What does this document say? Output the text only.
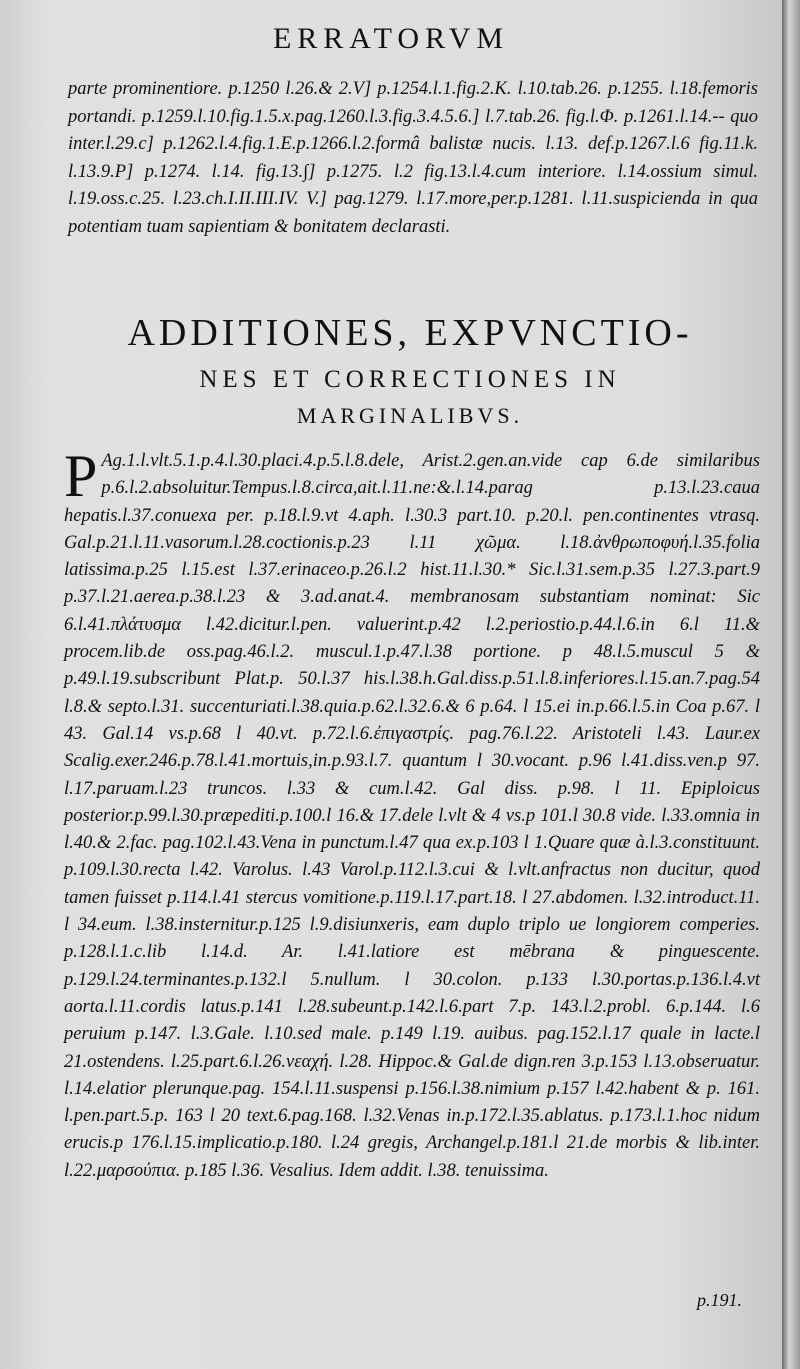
ERRATORVM
parte prominentiore. p.1250 l.26.& 2.V] p.1254.l.1.fig.2.K. l.10.tab.26. p.1255. l.18.femoris portandi. p.1259.l.10.fig.1.5.x.pag.1260.l.3.fig.3.4.5.6.] l.7.tab.26. fig.l.Φ. p.1261.l.14.-- quo inter.l.29.c] p.1262.l.4.fig.1.E.p.1266.l.2.formâ balistæ nucis. l.13. def.p.1267.l.6 fig.11.k. l.13.9.P] p.1274. l.14. fig.13.∫] p.1275. l.2 fig.13.l.4.cum interiore. l.14.ossium simul. l.19.oss.c.25. l.23.ch.I.II.III.IV. V.] pag.1279. l.17.more,per.p.1281. l.11.suspicienda in qua potentiam tuam sapientiam & bonitatem declarasti.
ADDITIONES, EXPVNCTIO-
NES ET CORRECTIONES IN
MARGINALIBVS.
P Ag.1.l.vlt.5.1.p.4.l.30.placi.4.p.5.l.8.dele, Arist.2.gen.an.vide cap 6.de similaribus p.6.l.2.absoluitur.Tempus.l.8.circa,ait.l.11.ne:&.l.14.parag p.13.l.23.caua hepatis.l.37.conuexa per. p.18.l.9.vt 4.aph. l.30.3 part.10. p.20.l. pen.continentes vtrasq. Gal.p.21.l.11.vasorum.l.28.coctionis.p.23 l.11 χῶμα. l.18.ἀνθρωποφυή.l.35.folia latissima.p.25 l.15.est l.37.erinaceo.p.26.l.2 hist.11.l.30.* Sic.l.31.sem.p.35 l.27.3.part.9 p.37.l.21.aerea.p.38.l.23 & 3.ad.anat.4. membranosam substantiam nominat: Sic 6.l.41.πλάτυσμα l.42.dicitur.l.pen. valuerint.p.42 l.2.periostio.p.44.l.6.in 6.l 11.& procem.lib.de oss.pag.46.l.2. muscul.1.p.47.l.38 portione. p 48.l.5.muscul 5 & p.49.l.19.subscribunt Plat.p. 50.l.37 his.l.38.h.Gal.diss.p.51.l.8.inferiores.l.15.an.7.pag.54 l.8.& septo.l.31. succenturiati.l.38.quia.p.62.l.32.6.& 6 p.64. l 15.ei in.p.66.l.5.in Coa p.67. l 43. Gal.14 vs.p.68 l 40.vt. p.72.l.6.ἐπιγαστρίς. pag.76.l.22. Aristoteli l.43. Laur.ex Scalig.exer.246.p.78.l.41.mortuis,in.p.93.l.7. quantum l 30.vocant. p.96 l.41.diss.ven.p 97. l.17.paruam.l.23 truncos. l.33 & cum.l.42. Gal diss. p.98. l 11. Epiploicus posterior.p.99.l.30.præpediti.p.100.l 16.& 17.dele l.vlt & 4 vs.p 101.l 30.8 vide. l.33.omnia in l.40.& 2.fac. pag.102.l.43.Vena in punctum.l.47 qua ex.p.103 l 1.Quare quæ à.l.3.constituunt. p.109.l.30.recta l.42. Varolus. l.43 Varol.p.112.l.3.cui & l.vlt.anfractus non ducitur, quod tamen fuisset p.114.l.41 stercus vomitione.p.119.l.17.part.18. l 27.abdomen. l.32.introduct.11. l 34.eum. l.38.insternitur.p.125 l.9.disiunxeris, eam duplo triplo ue longiorem comperies. p.128.l.1.c.lib l.14.d. Ar. l.41.latiore est mēbrana & pinguescente. p.129.l.24.terminantes.p.132.l 5.nullum. l 30.colon. p.133 l.30.portas.p.136.l.4.vt aorta.l.11.cordis latus.p.141 l.28.subeunt.p.142.l.6.part 7.p. 143.l.2.probl. 6.p.144. l.6 peruium p.147. l.3.Gale. l.10.sed male. p.149 l.19. auibus. pag.152.l.17 quale in lacte.l 21.ostendens. l.25.part.6.l.26.νεαχή. l.28. Hippoc.& Gal.de dign.ren 3.p.153 l.13.obseruatur. l.14.elatior plerunque.pag. 154.l.11.suspensi p.156.l.38.nimium p.157 l.42.habent & p. 161. l.pen.part.5.p. 163 l 20 text.6.pag.168. l.32.Venas in.p.172.l.35.ablatus. p.173.l.1.hoc nidum erucis.p 176.l.15.implicatio.p.180. l.24 gregis, Archangel.p.181.l 21.de morbis & lib.inter. l.22.μαρσούπια. p.185 l.36. Vesalius. Idem addit. l.38. tenuissima.
p.191.
